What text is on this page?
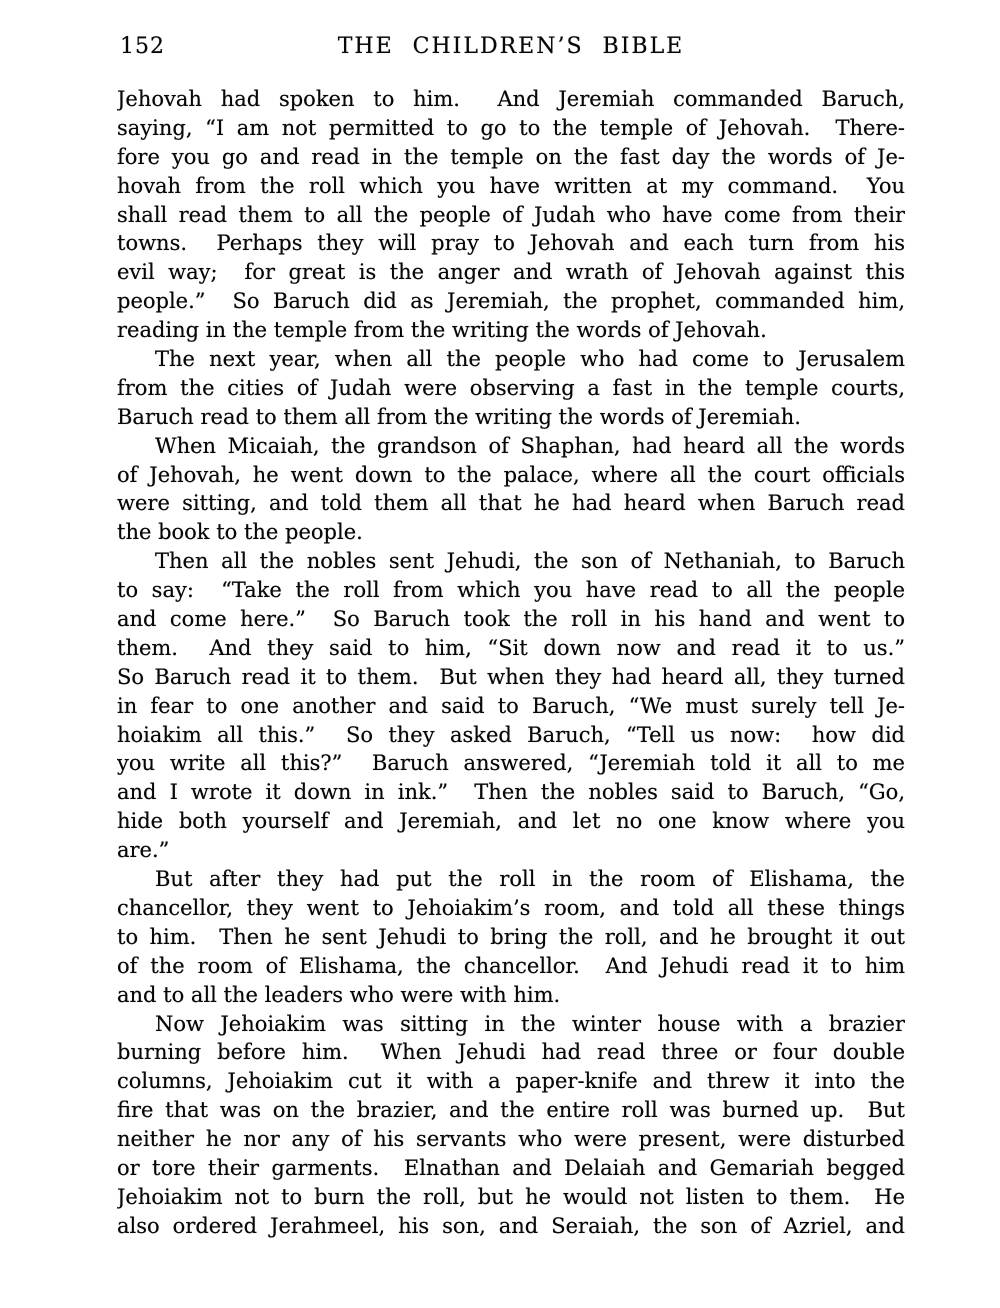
152	THE CHILDREN’S BIBLE
Jehovah had spoken to him.  And Jeremiah commanded Baruch,
saying, “I am not permitted to go to the temple of Jehovah.  There-
fore you go and read in the temple on the fast day the words of Je-
hovah from the roll which you have written at my command.  You
shall read them to all the people of Judah who have come from their
towns.  Perhaps they will pray to Jehovah and each turn from his
evil way;  for great is the anger and wrath of Jehovah against this
people.”  So Baruch did as Jeremiah, the prophet, commanded him,
reading in the temple from the writing the words of Jehovah.
The next year, when all the people who had come to Jerusalem
from the cities of Judah were observing a fast in the temple courts,
Baruch read to them all from the writing the words of Jeremiah.
When Micaiah, the grandson of Shaphan, had heard all the words
of Jehovah, he went down to the palace, where all the court officials
were sitting, and told them all that he had heard when Baruch read
the book to the people.
Then all the nobles sent Jehudi, the son of Nethaniah, to Baruch
to say:  “Take the roll from which you have read to all the people
and come here.”  So Baruch took the roll in his hand and went to
them.  And they said to him, “Sit down now and read it to us.”
So Baruch read it to them.  But when they had heard all, they turned
in fear to one another and said to Baruch, “We must surely tell Je-
hoiakim all this.”  So they asked Baruch, “Tell us now:  how did
you write all this?”  Baruch answered, “Jeremiah told it all to me
and I wrote it down in ink.”  Then the nobles said to Baruch, “Go,
hide both yourself and Jeremiah, and let no one know where you
are.”
But after they had put the roll in the room of Elishama, the
chancellor, they went to Jehoiakim’s room, and told all these things
to him.  Then he sent Jehudi to bring the roll, and he brought it out
of the room of Elishama, the chancellor.  And Jehudi read it to him
and to all the leaders who were with him.
Now Jehoiakim was sitting in the winter house with a brazier
burning before him.  When Jehudi had read three or four double
columns, Jehoiakim cut it with a paper-knife and threw it into the
fire that was on the brazier, and the entire roll was burned up.  But
neither he nor any of his servants who were present, were disturbed
or tore their garments.  Elnathan and Delaiah and Gemariah begged
Jehoiakim not to burn the roll, but he would not listen to them.  He
also ordered Jerahmeel, his son, and Seraiah, the son of Azriel, and
